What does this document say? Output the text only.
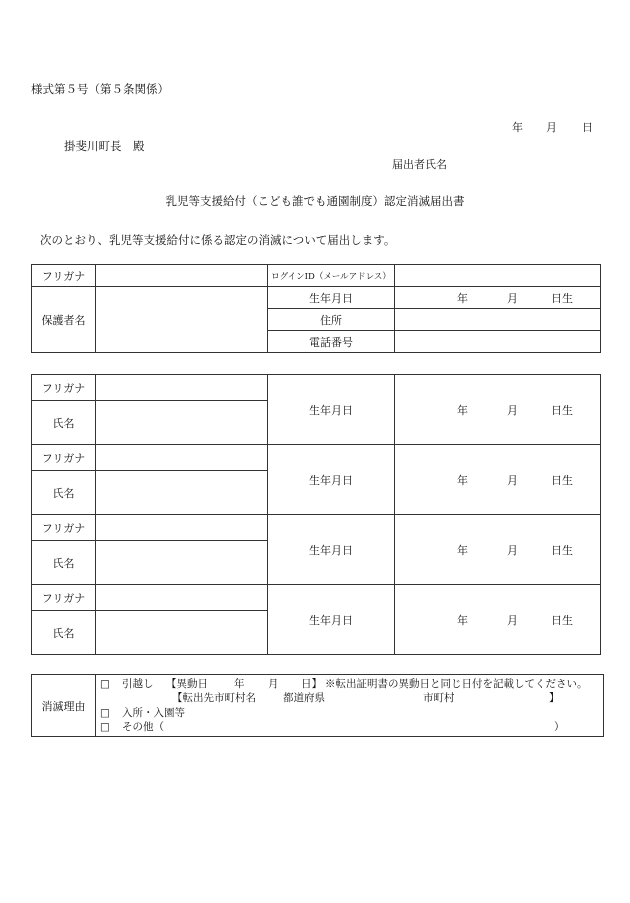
様式第５号（第５条関係）
年 月 日
掛斐川町長　殿
届出者氏名
乳児等支援給付（こども誰でも通園制度）認定消滅届出書
次のとおり、乳児等支援給付に係る認定の消滅について届出します。
フリガナ		ログインID（メールアドレス）	
保護者名		生年月日	年 月 日生

		住所	
		電話番号	
フリガナ		生年月日	年 月 日生

氏名			
フリガナ		生年月日	年 月 日生

氏名			
フリガナ		生年月日	年 月 日生

氏名			
フリガナ		生年月日	年 月 日生

氏名			
消滅理由	
□ 引越し 【異動日 年 月 日】 ※転出証明書の異動日と同じ日付を記載してください。
【転出先市町村名	都道府県	市町村	】
□ 入所・入園等
□ その他（	）
